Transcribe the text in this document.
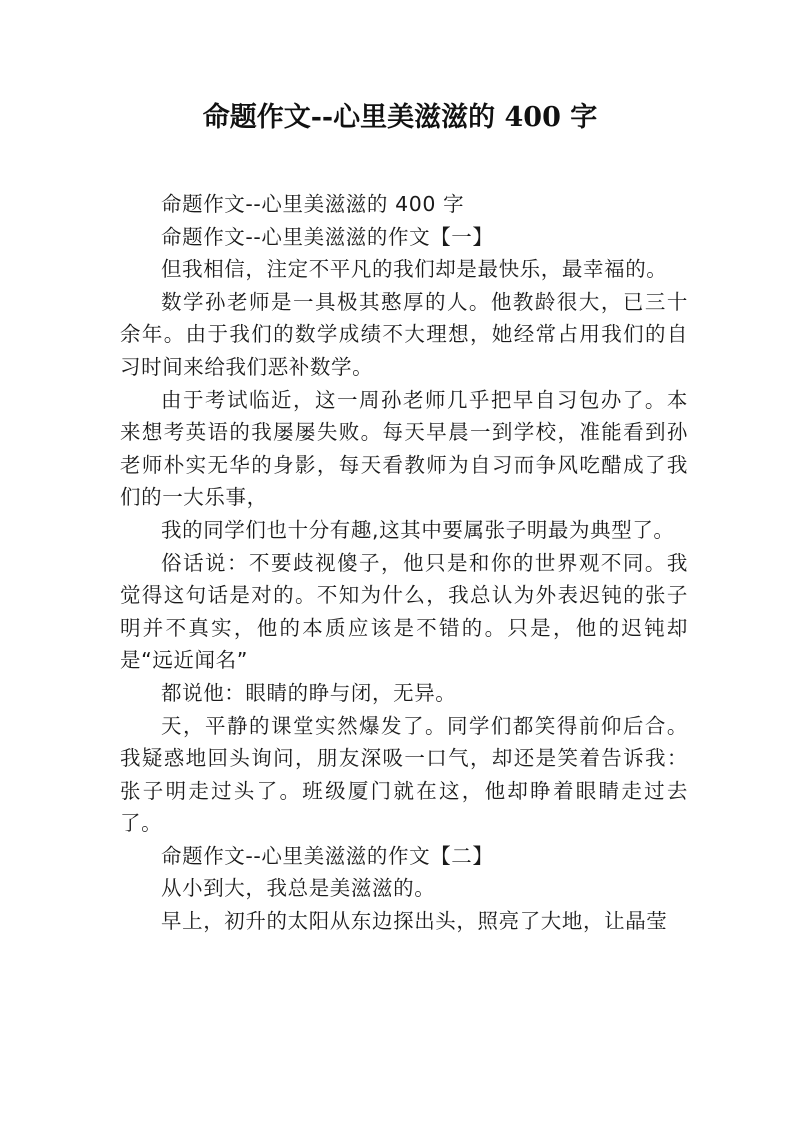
命题作文--心里美滋滋的 400 字

命题作文--心里美滋滋的 400 字

命题作文--心里美滋滋的作文【一】

但我相信，注定不平凡的我们却是最快乐，最幸福的。

数学孙老师是一具极其憨厚的人。他教龄很大，已三十余年。由于我们的数学成绩不大理想，她经常占用我们的自习时间来给我们恶补数学。

由于考试临近，这一周孙老师几乎把早自习包办了。本来想考英语的我屡屡失败。每天早晨一到学校，准能看到孙老师朴实无华的身影，每天看教师为自习而争风吃醋成了我们的一大乐事，

我的同学们也十分有趣,这其中要属张子明最为典型了。

俗话说：不要歧视傻子，他只是和你的世界观不同。我觉得这句话是对的。不知为什么，我总认为外表迟钝的张子明并不真实，他的本质应该是不错的。只是，他的迟钝却是“远近闻名”

都说他：眼睛的睁与闭，无异。

天，平静的课堂实然爆发了。同学们都笑得前仰后合。我疑惑地回头询问，朋友深吸一口气，却还是笑着告诉我：张子明走过头了。班级厦门就在这，他却睁着眼睛走过去了。

命题作文--心里美滋滋的作文【二】

从小到大，我总是美滋滋的。

早上，初升的太阳从东边探出头，照亮了大地，让晶莹
